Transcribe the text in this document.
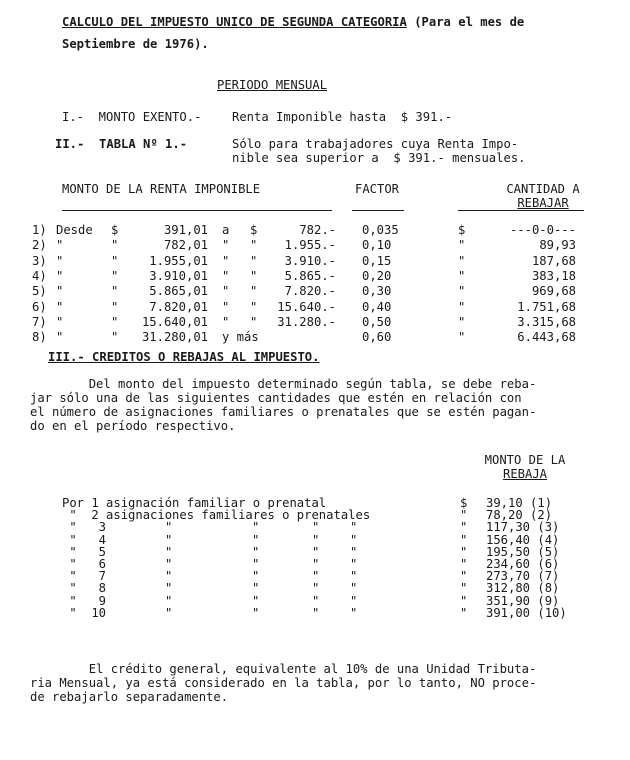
CALCULO DEL IMPUESTO UNICO DE SEGUNDA CATEGORIA (Para el mes de
Septiembre de 1976).
PERIODO MENSUAL
I.-  MONTO EXENTO.-	Renta Imponible hasta  $ 391.-
II.-  TABLA Nº 1.-	Sólo para trabajadores cuya Renta Impo-
nible sea superior a  $ 391.- mensuales.
MONTO DE LA RENTA IMPONIBLE	FACTOR	CANTIDAD A
REBAJAR
1) Desde $	391,01 a	$	782.- 0,035	$	---0-0---
2) "	"	782,01 "	"	1.955.- 0,10	"	89,93
3) "	"	1.955,01 "	"	3.910.- 0,15	"	187,68
4) "	"	3.910,01 "	"	5.865.- 0,20	"	383,18
5) "	"	5.865,01 "	"	7.820.- 0,30	"	969,68
6) "	"	7.820,01 "	"	15.640.- 0,40	"	1.751,68
7) "	"	15.640,01 "	"	31.280.- 0,50	"	3.315,68
8) "	"	31.280,01 y más	0,60	"	6.443,68
III.- CREDITOS O REBAJAS AL IMPUESTO.
Del monto del impuesto determinado según tabla, se debe reba-
jar sólo una de las siguientes cantidades que estén en relación con
el número de asignaciones familiares o prenatales que se estén pagan-
do en el período respectivo.
MONTO DE LA
REBAJA
Por 1 asignación familiar o prenatal	$ 39,10 (1)
"  2 asignaciones familiares o prenatales	" 78,20 (2)
"   3	"	"	"	"	" 117,30 (3)
"   4	"	"	"	"	" 156,40 (4)
"   5	"	"	"	"	" 195,50 (5)
"   6	"	"	"	"	" 234,60 (6)
"   7	"	"	"	"	" 273,70 (7)
"   8	"	"	"	"	" 312,80 (8)
"   9	"	"	"	"	" 351,90 (9)
"  10	"	"	"	"	" 391,00 (10)
El crédito general, equivalente al 10% de una Unidad Tributa-
ria Mensual, ya está considerado en la tabla, por lo tanto, NO proce-
de rebajarlo separadamente.
